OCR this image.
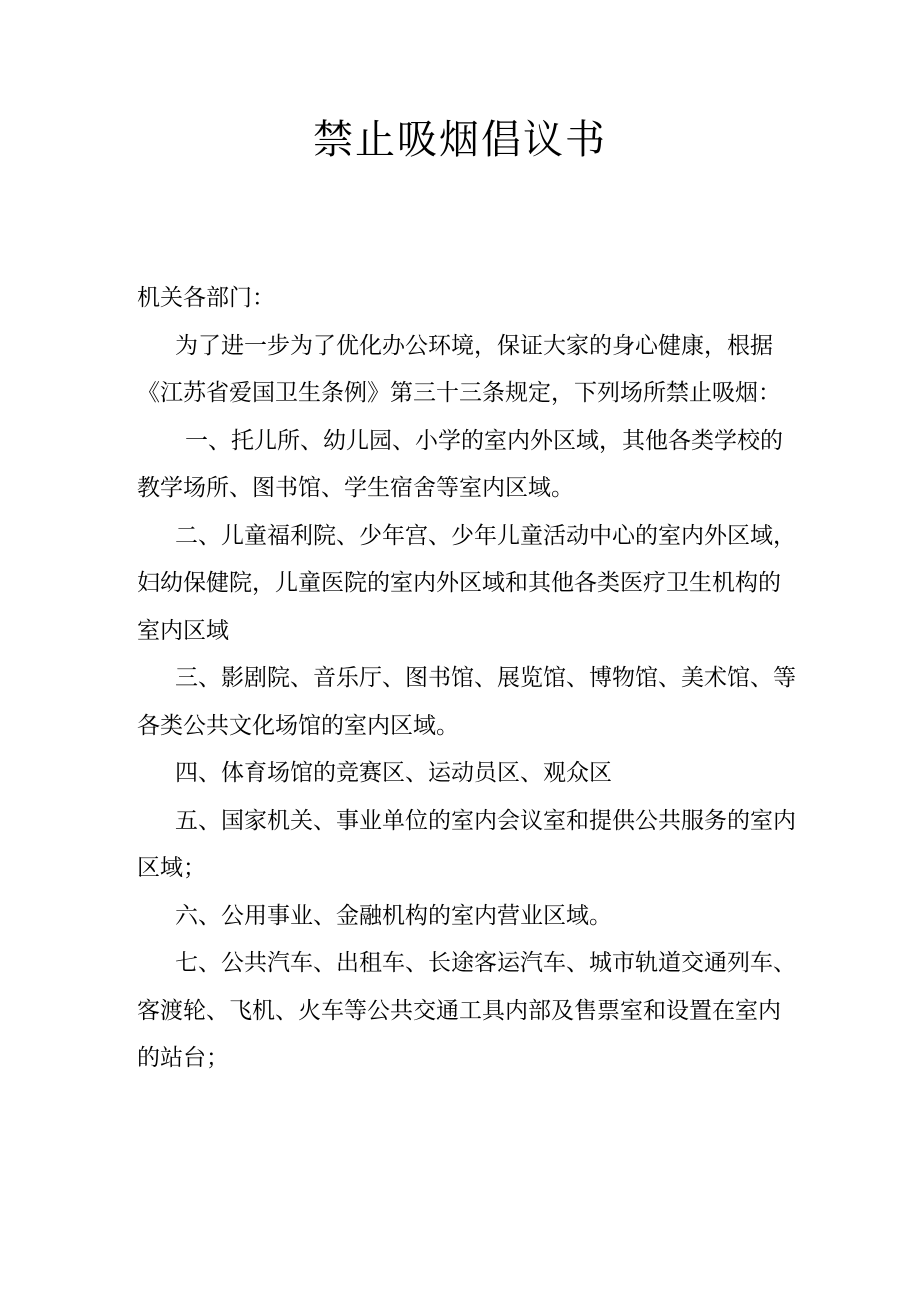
禁止吸烟倡议书

机关各部门：

为了进一步为了优化办公环境，保证大家的身心健康，根据《江苏省爱国卫生条例》第三十三条规定，下列场所禁止吸烟：

一、托儿所、幼儿园、小学的室内外区域，其他各类学校的教学场所、图书馆、学生宿舍等室内区域。

二、儿童福利院、少年宫、少年儿童活动中心的室内外区域，妇幼保健院，儿童医院的室内外区域和其他各类医疗卫生机构的室内区域

三、影剧院、音乐厅、图书馆、展览馆、博物馆、美术馆、等各类公共文化场馆的室内区域。

四、体育场馆的竞赛区、运动员区、观众区

五、国家机关、事业单位的室内会议室和提供公共服务的室内区域；

六、公用事业、金融机构的室内营业区域。

七、公共汽车、出租车、长途客运汽车、城市轨道交通列车、客渡轮、飞机、火车等公共交通工具内部及售票室和设置在室内的站台；
